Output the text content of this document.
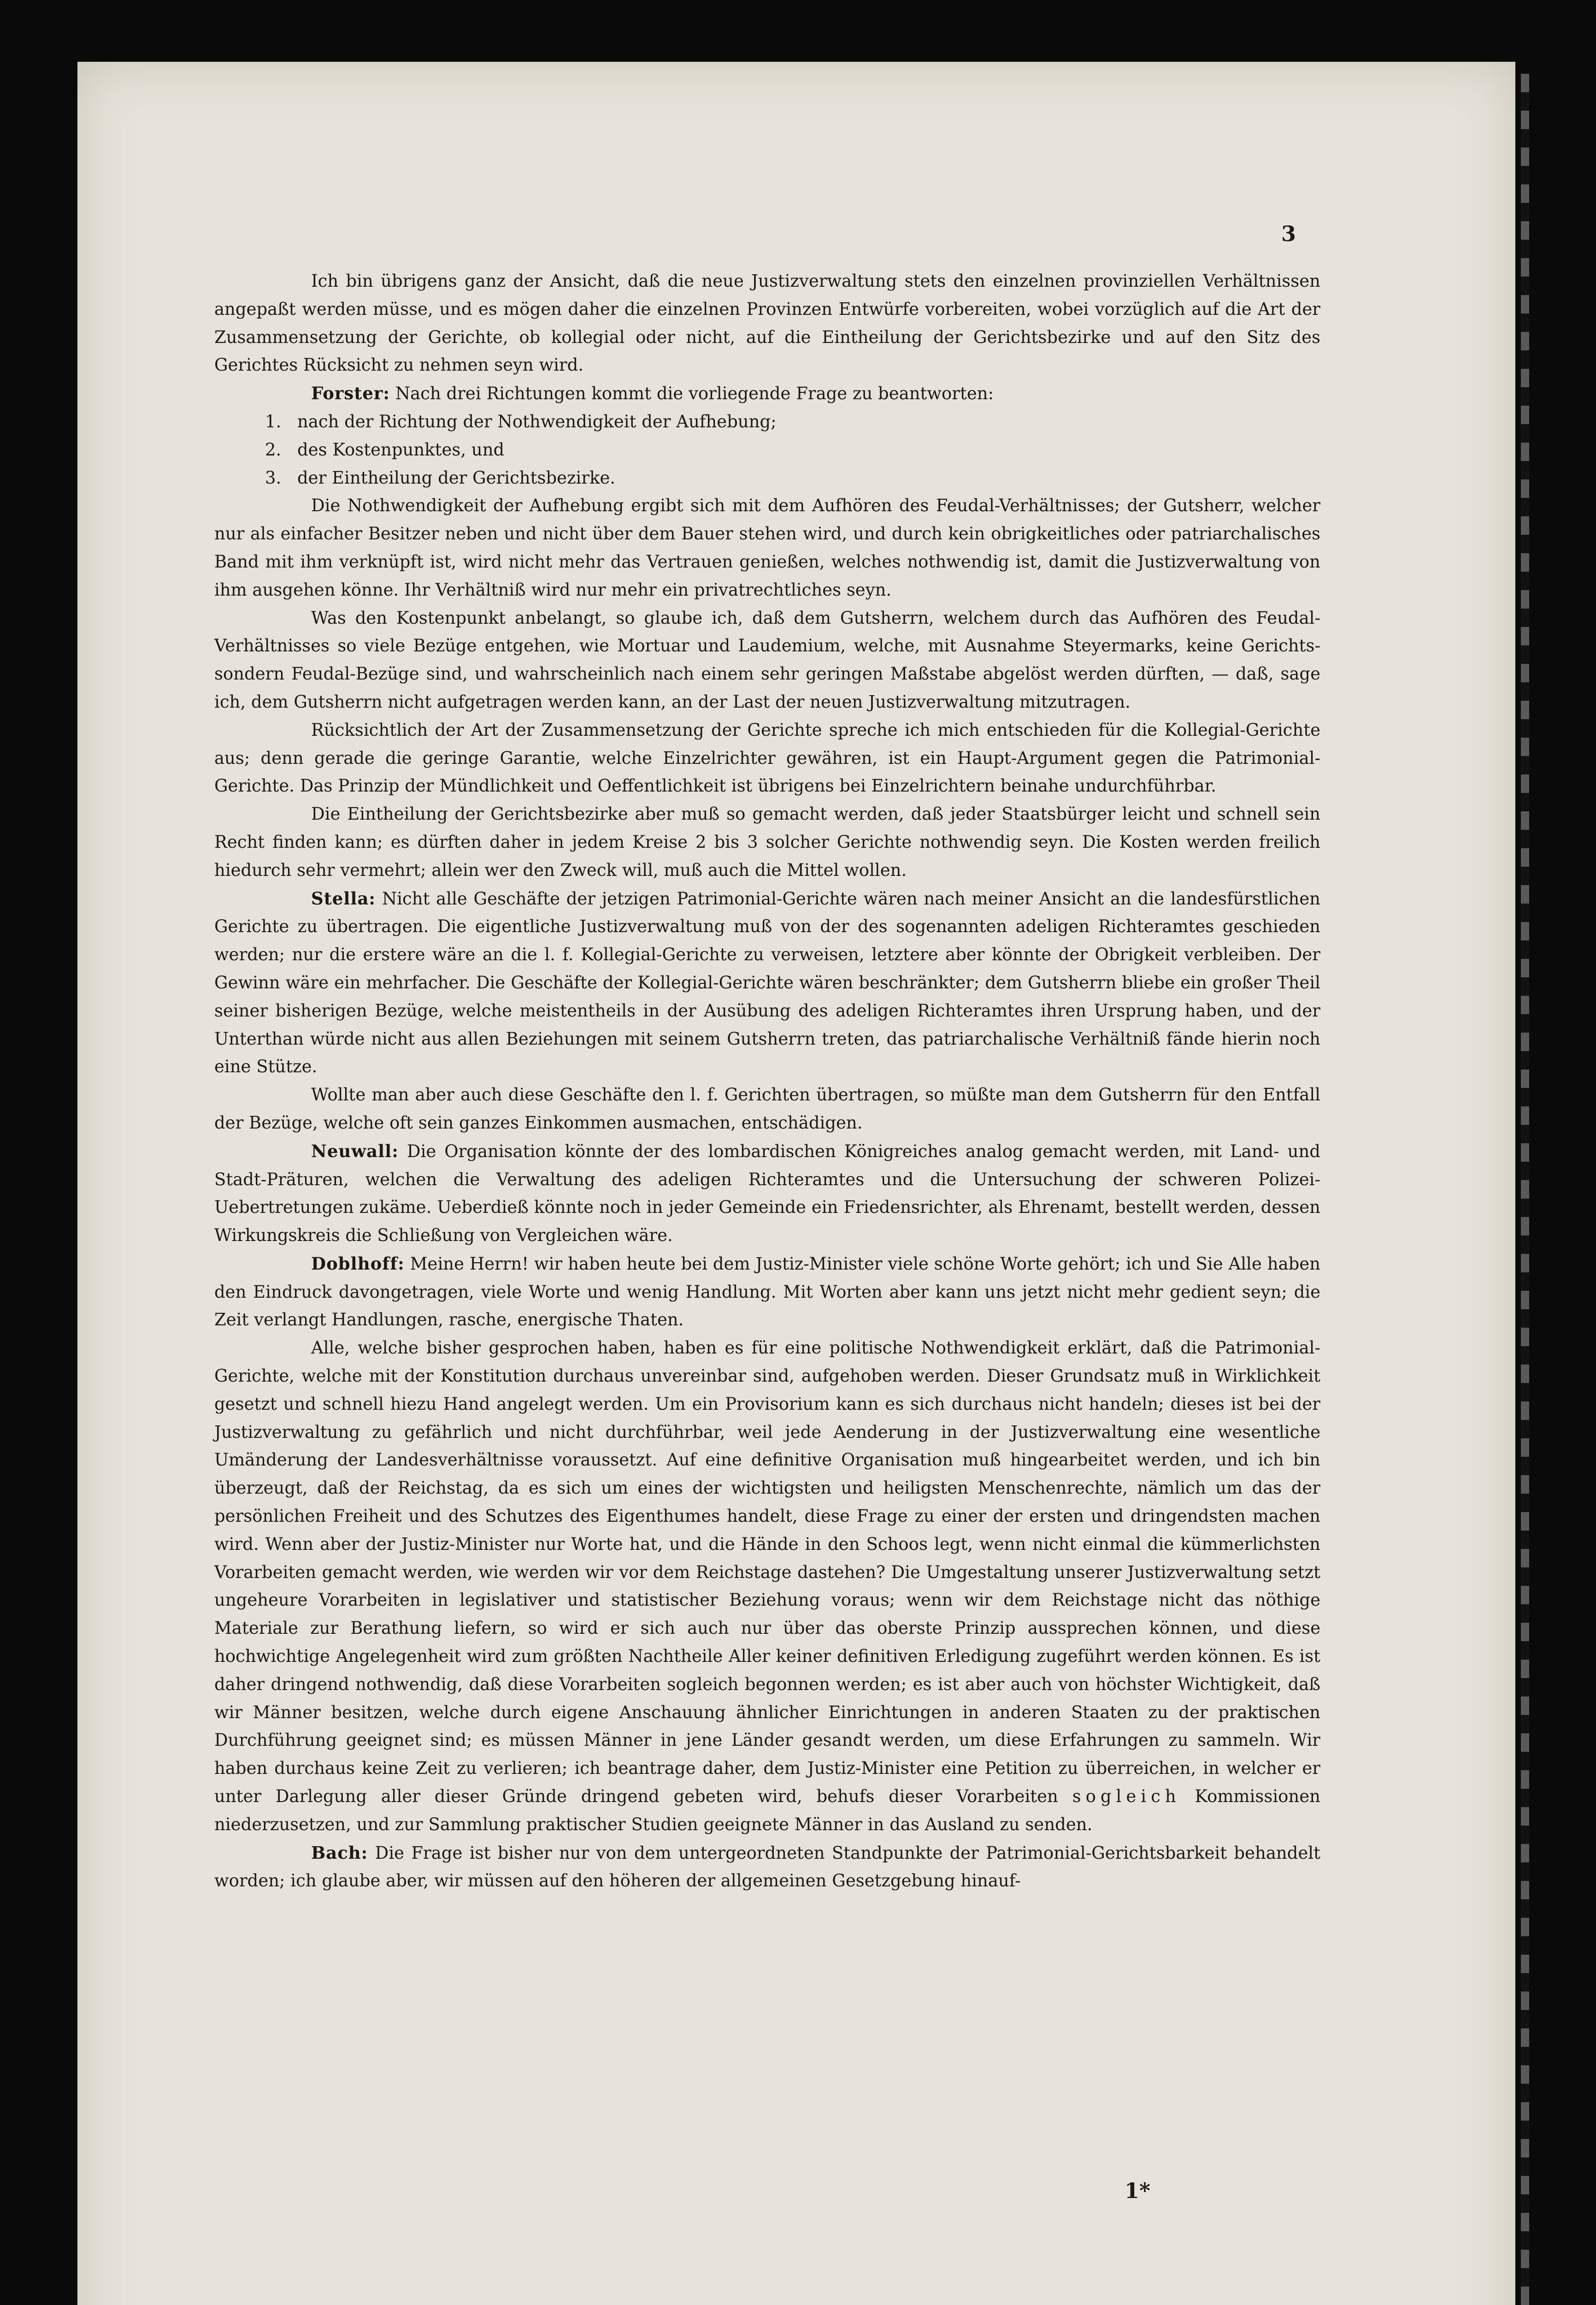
3

Ich bin übrigens ganz der Ansicht, daß die neue Justizverwaltung stets den einzelnen provinziellen Verhältnissen angepaßt werden müsse, und es mögen daher die einzelnen Provinzen Entwürfe vorbereiten, wobei vorzüglich auf die Art der Zusammensetzung der Gerichte, ob kollegial oder nicht, auf die Eintheilung der Gerichtsbezirke und auf den Sitz des Gerichtes Rücksicht zu nehmen seyn wird.

Forster: Nach drei Richtungen kommt die vorliegende Frage zu beantworten:

1. nach der Richtung der Nothwendigkeit der Aufhebung;
2. des Kostenpunktes, und
3. der Eintheilung der Gerichtsbezirke.

Die Nothwendigkeit der Aufhebung ergibt sich mit dem Aufhören des Feudal-Verhältnisses; der Gutsherr, welcher nur als einfacher Besitzer neben und nicht über dem Bauer stehen wird, und durch kein obrigkeitliches oder patriarchalisches Band mit ihm verknüpft ist, wird nicht mehr das Vertrauen genießen, welches nothwendig ist, damit die Justizverwaltung von ihm ausgehen könne. Ihr Verhältniß wird nur mehr ein privatrechtliches seyn.

Was den Kostenpunkt anbelangt, so glaube ich, daß dem Gutsherrn, welchem durch das Aufhören des Feudal-Verhältnisses so viele Bezüge entgehen, wie Mortuar und Laudemium, welche, mit Ausnahme Steyermarks, keine Gerichts- sondern Feudal-Bezüge sind, und wahrscheinlich nach einem sehr geringen Maßstabe abgelöst werden dürften, — daß, sage ich, dem Gutsherrn nicht aufgetragen werden kann, an der Last der neuen Justizverwaltung mitzutragen.

Rücksichtlich der Art der Zusammensetzung der Gerichte spreche ich mich entschieden für die Kollegial-Gerichte aus; denn gerade die geringe Garantie, welche Einzelrichter gewähren, ist ein Haupt-Argument gegen die Patrimonial-Gerichte. Das Prinzip der Mündlichkeit und Oeffentlichkeit ist übrigens bei Einzelrichtern beinahe undurchführbar.

Die Eintheilung der Gerichtsbezirke aber muß so gemacht werden, daß jeder Staatsbürger leicht und schnell sein Recht finden kann; es dürften daher in jedem Kreise 2 bis 3 solcher Gerichte nothwendig seyn. Die Kosten werden freilich hiedurch sehr vermehrt; allein wer den Zweck will, muß auch die Mittel wollen.

Stella: Nicht alle Geschäfte der jetzigen Patrimonial-Gerichte wären nach meiner Ansicht an die landesfürstlichen Gerichte zu übertragen. Die eigentliche Justizverwaltung muß von der des sogenannten adeligen Richteramtes geschieden werden; nur die erstere wäre an die l. f. Kollegial-Gerichte zu verweisen, letztere aber könnte der Obrigkeit verbleiben. Der Gewinn wäre ein mehrfacher. Die Geschäfte der Kollegial-Gerichte wären beschränkter; dem Gutsherrn bliebe ein großer Theil seiner bisherigen Bezüge, welche meistentheils in der Ausübung des adeligen Richteramtes ihren Ursprung haben, und der Unterthan würde nicht aus allen Beziehungen mit seinem Gutsherrn treten, das patriarchalische Verhältniß fände hierin noch eine Stütze.

Wollte man aber auch diese Geschäfte den l. f. Gerichten übertragen, so müßte man dem Gutsherrn für den Entfall der Bezüge, welche oft sein ganzes Einkommen ausmachen, entschädigen.

Neuwall: Die Organisation könnte der des lombardischen Königreiches analog gemacht werden, mit Land- und Stadt-Präturen, welchen die Verwaltung des adeligen Richteramtes und die Untersuchung der schweren Polizei-Uebertretungen zukäme. Ueberdieß könnte noch in jeder Gemeinde ein Friedensrichter, als Ehrenamt, bestellt werden, dessen Wirkungskreis die Schließung von Vergleichen wäre.

Doblhoff: Meine Herrn! wir haben heute bei dem Justiz-Minister viele schöne Worte gehört; ich und Sie Alle haben den Eindruck davongetragen, viele Worte und wenig Handlung. Mit Worten aber kann uns jetzt nicht mehr gedient seyn; die Zeit verlangt Handlungen, rasche, energische Thaten.

Alle, welche bisher gesprochen haben, haben es für eine politische Nothwendigkeit erklärt, daß die Patrimonial-Gerichte, welche mit der Konstitution durchaus unvereinbar sind, aufgehoben werden. Dieser Grundsatz muß in Wirklichkeit gesetzt und schnell hiezu Hand angelegt werden. Um ein Provisorium kann es sich durchaus nicht handeln; dieses ist bei der Justizverwaltung zu gefährlich und nicht durchführbar, weil jede Aenderung in der Justizverwaltung eine wesentliche Umänderung der Landesverhältnisse voraussetzt. Auf eine definitive Organisation muß hingearbeitet werden, und ich bin überzeugt, daß der Reichstag, da es sich um eines der wichtigsten und heiligsten Menschenrechte, nämlich um das der persönlichen Freiheit und des Schutzes des Eigenthumes handelt, diese Frage zu einer der ersten und dringendsten machen wird. Wenn aber der Justiz-Minister nur Worte hat, und die Hände in den Schoos legt, wenn nicht einmal die kümmerlichsten Vorarbeiten gemacht werden, wie werden wir vor dem Reichstage dastehen? Die Umgestaltung unserer Justizverwaltung setzt ungeheure Vorarbeiten in legislativer und statistischer Beziehung voraus; wenn wir dem Reichstage nicht das nöthige Materiale zur Berathung liefern, so wird er sich auch nur über das oberste Prinzip aussprechen können, und diese hochwichtige Angelegenheit wird zum größten Nachtheile Aller keiner definitiven Erledigung zugeführt werden können. Es ist daher dringend nothwendig, daß diese Vorarbeiten sogleich begonnen werden; es ist aber auch von höchster Wichtigkeit, daß wir Männer besitzen, welche durch eigene Anschauung ähnlicher Einrichtungen in anderen Staaten zu der praktischen Durchführung geeignet sind; es müssen Männer in jene Länder gesandt werden, um diese Erfahrungen zu sammeln. Wir haben durchaus keine Zeit zu verlieren; ich beantrage daher, dem Justiz-Minister eine Petition zu überreichen, in welcher er unter Darlegung aller dieser Gründe dringend gebeten wird, behufs dieser Vorarbeiten sogleich Kommissionen niederzusetzen, und zur Sammlung praktischer Studien geeignete Männer in das Ausland zu senden.

Bach: Die Frage ist bisher nur von dem untergeordneten Standpunkte der Patrimonial-Gerichtsbarkeit behandelt worden; ich glaube aber, wir müssen auf den höheren der allgemeinen Gesetzgebung hinauf-

1*
